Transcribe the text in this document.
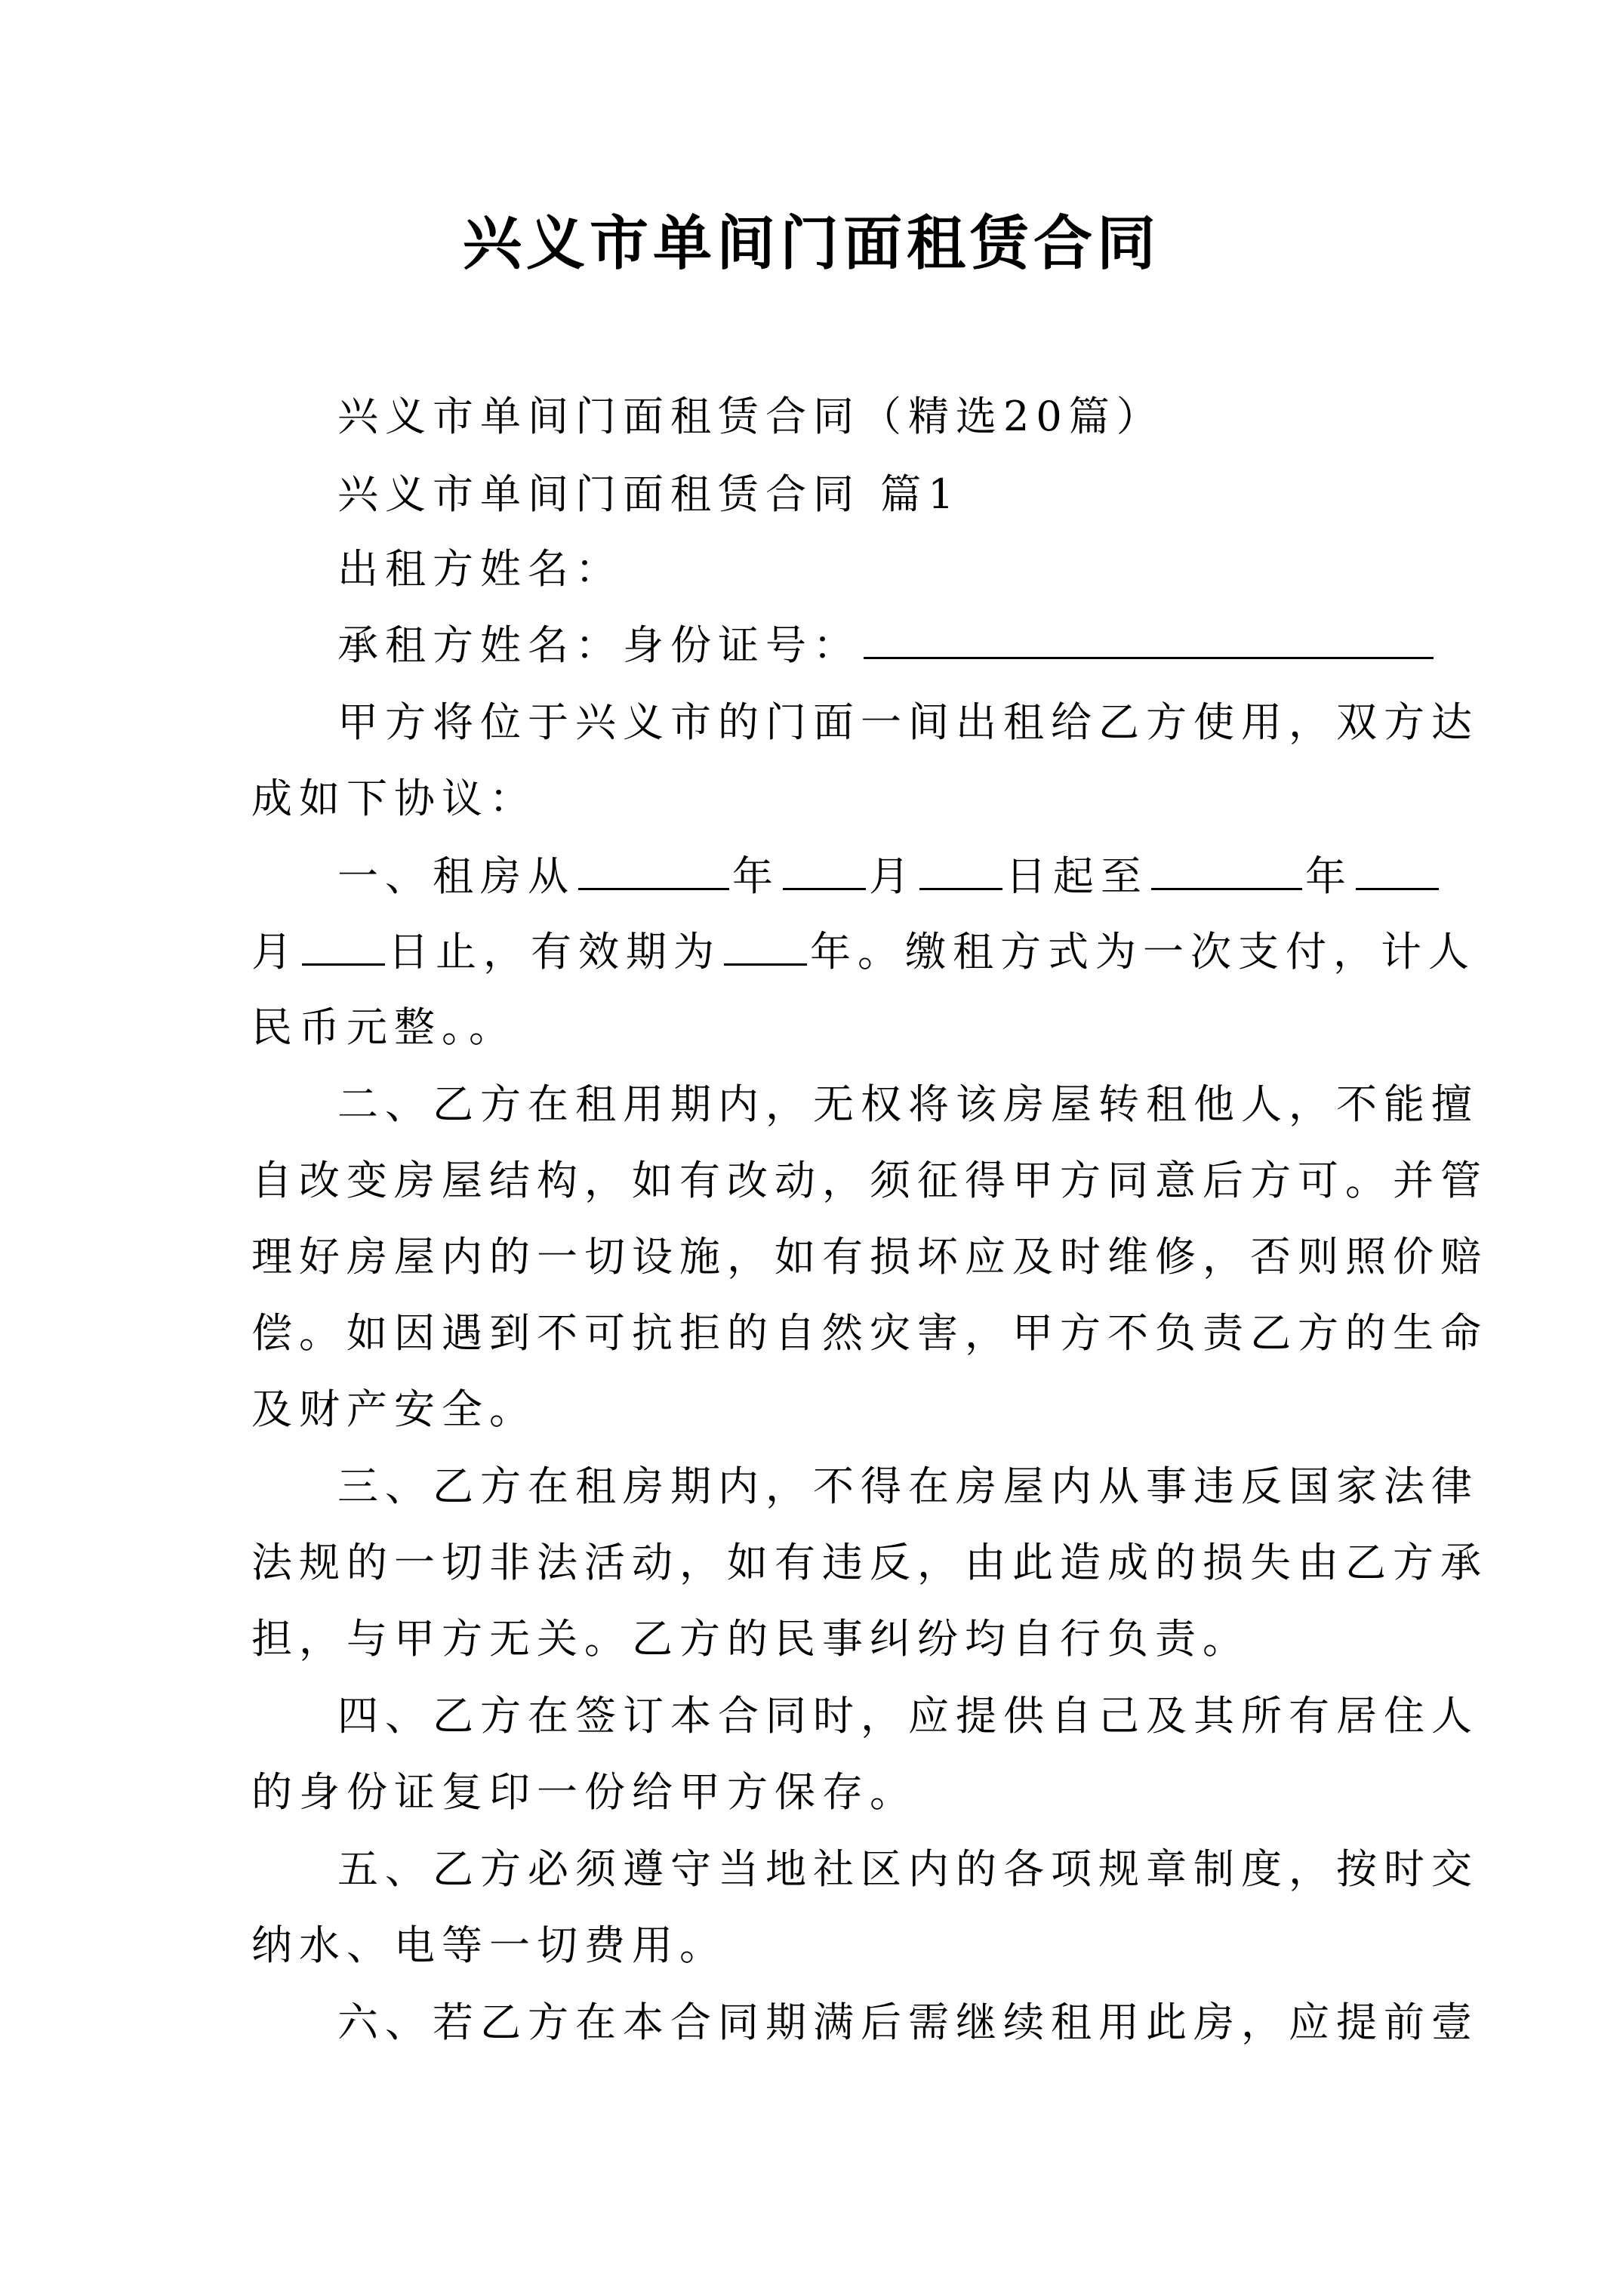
兴义市单间门面租赁合同
兴义市单间门面租赁合同（精选20篇）
兴义市单间门面租赁合同 篇1
出租方姓名：
承租方姓名：身份证号：
甲方将位于兴义市的门面一间出租给乙方使用，双方达
成如下协议：
一、租房从	年 月 日起至	年
月 日止，有效期为 年。缴租方式为一次支付，计人
民币元整。。
二、乙方在租用期内，无权将该房屋转租他人，不能擅
自改变房屋结构，如有改动，须征得甲方同意后方可。并管
理好房屋内的一切设施，如有损坏应及时维修，否则照价赔
偿。如因遇到不可抗拒的自然灾害，甲方不负责乙方的生命
及财产安全。
三、乙方在租房期内，不得在房屋内从事违反国家法律
法规的一切非法活动，如有违反，由此造成的损失由乙方承
担，与甲方无关。乙方的民事纠纷均自行负责。
四、乙方在签订本合同时，应提供自己及其所有居住人
的身份证复印一份给甲方保存。
五、乙方必须遵守当地社区内的各项规章制度，按时交
纳水、电等一切费用。
六、若乙方在本合同期满后需继续租用此房，应提前壹
